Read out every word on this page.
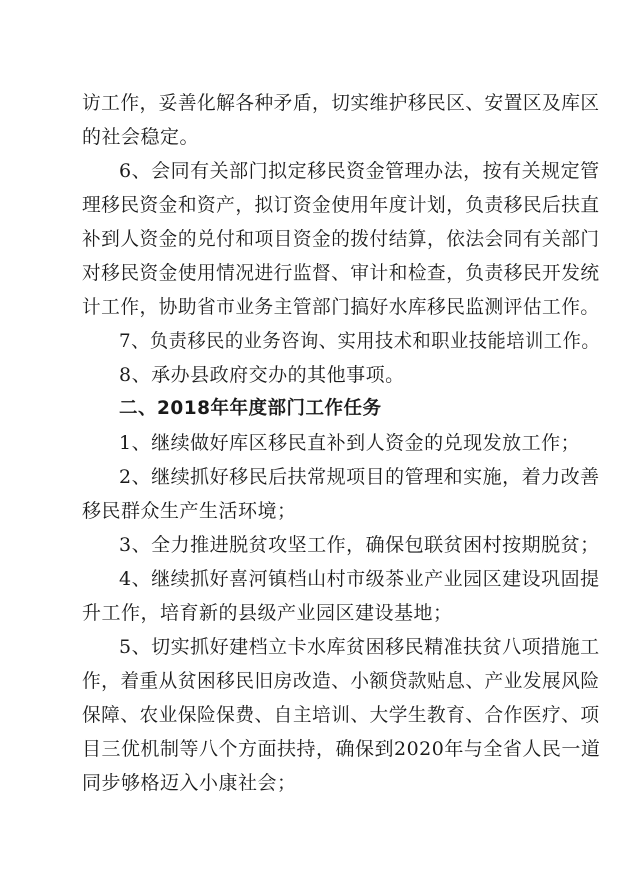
访工作，妥善化解各种矛盾，切实维护移民区、安置区及库区
的社会稳定。
6、会同有关部门拟定移民资金管理办法，按有关规定管
理移民资金和资产，拟订资金使用年度计划，负责移民后扶直
补到人资金的兑付和项目资金的拨付结算，依法会同有关部门
对移民资金使用情况进行监督、审计和检查，负责移民开发统
计工作，协助省市业务主管部门搞好水库移民监测评估工作。
7、负责移民的业务咨询、实用技术和职业技能培训工作。
8、承办县政府交办的其他事项。
二、2018年年度部门工作任务
1、继续做好库区移民直补到人资金的兑现发放工作；
2、继续抓好移民后扶常规项目的管理和实施，着力改善
移民群众生产生活环境；
3、全力推进脱贫攻坚工作，确保包联贫困村按期脱贫；
4、继续抓好喜河镇档山村市级茶业产业园区建设巩固提
升工作，培育新的县级产业园区建设基地；
5、切实抓好建档立卡水库贫困移民精准扶贫八项措施工
作，着重从贫困移民旧房改造、小额贷款贴息、产业发展风险
保障、农业保险保费、自主培训、大学生教育、合作医疗、项
目三优机制等八个方面扶持，确保到2020年与全省人民一道
同步够格迈入小康社会；
